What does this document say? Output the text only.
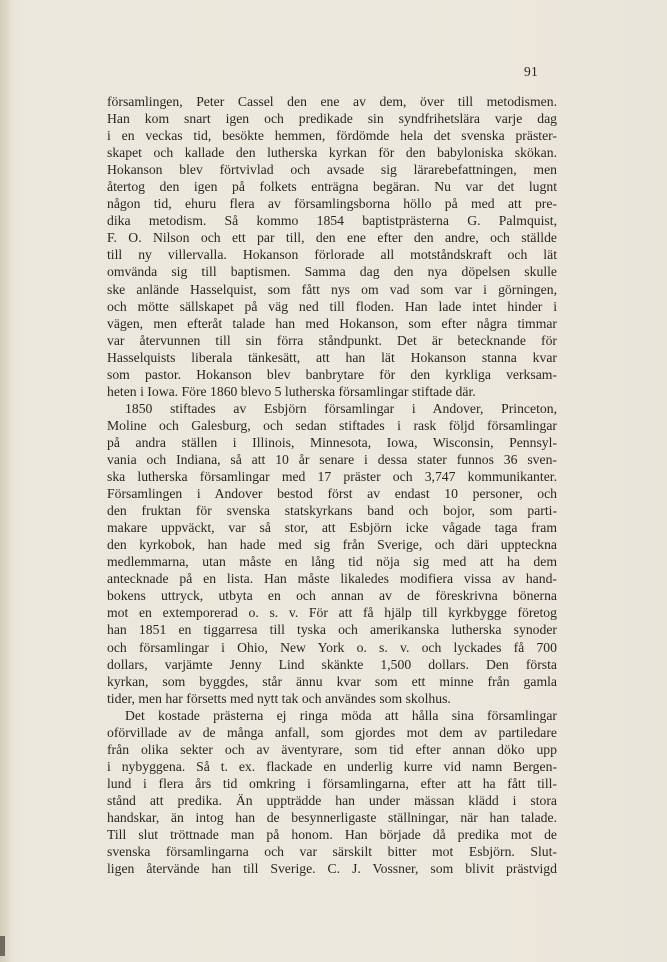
91
församlingen, Peter Cassel den ene av dem, över till metodismen.
Han kom snart igen och predikade sin syndfrihetslära varje dag
i en veckas tid, besökte hemmen, fördömde hela det svenska präster-
skapet och kallade den lutherska kyrkan för den babyloniska skökan.
Hokanson blev förtvivlad och avsade sig lärarebefattningen, men
återtog den igen på folkets enträgna begäran. Nu var det lugnt
någon tid, ehuru flera av församlingsborna höllo på med att pre-
dika metodism. Så kommo 1854 baptistprästerna G. Palmquist,
F. O. Nilson och ett par till, den ene efter den andre, och ställde
till ny villervalla. Hokanson förlorade all motståndskraft och lät
omvända sig till baptismen. Samma dag den nya döpelsen skulle
ske anlände Hasselquist, som fått nys om vad som var i görningen,
och mötte sällskapet på väg ned till floden. Han lade intet hinder i
vägen, men efteråt talade han med Hokanson, som efter några timmar
var återvunnen till sin förra ståndpunkt. Det är betecknande för
Hasselquists liberala tänkesätt, att han lät Hokanson stanna kvar
som pastor. Hokanson blev banbrytare för den kyrkliga verksam-
heten i Iowa. Före 1860 blevo 5 lutherska församlingar stiftade där.
1850 stiftades av Esbjörn församlingar i Andover, Princeton,
Moline och Galesburg, och sedan stiftades i rask följd församlingar
på andra ställen i Illinois, Minnesota, Iowa, Wisconsin, Pennsyl-
vania och Indiana, så att 10 år senare i dessa stater funnos 36 sven-
ska lutherska församlingar med 17 präster och 3,747 kommunikanter.
Församlingen i Andover bestod först av endast 10 personer, och
den fruktan för svenska statskyrkans band och bojor, som parti-
makare uppväckt, var så stor, att Esbjörn icke vågade taga fram
den kyrkobok, han hade med sig från Sverige, och däri uppteckna
medlemmarna, utan måste en lång tid nöja sig med att ha dem
antecknade på en lista. Han måste likaledes modifiera vissa av hand-
bokens uttryck, utbyta en och annan av de föreskrivna bönerna
mot en extemporerad o. s. v. För att få hjälp till kyrkbygge företog
han 1851 en tiggarresa till tyska och amerikanska lutherska synoder
och församlingar i Ohio, New York o. s. v. och lyckades få 700
dollars, varjämte Jenny Lind skänkte 1,500 dollars. Den första
kyrkan, som byggdes, står ännu kvar som ett minne från gamla
tider, men har försetts med nytt tak och användes som skolhus.
Det kostade prästerna ej ringa möda att hålla sina församlingar
oförvillade av de många anfall, som gjordes mot dem av partiledare
från olika sekter och av äventyrare, som tid efter annan döko upp
i nybyggena. Så t. ex. flackade en underlig kurre vid namn Bergen-
lund i flera års tid omkring i församlingarna, efter att ha fått till-
stånd att predika. Än uppträdde han under mässan klädd i stora
handskar, än intog han de besynnerligaste ställningar, när han talade.
Till slut tröttnade man på honom. Han började då predika mot de
svenska församlingarna och var särskilt bitter mot Esbjörn. Slut-
ligen återvände han till Sverige. C. J. Vossner, som blivit prästvigd
